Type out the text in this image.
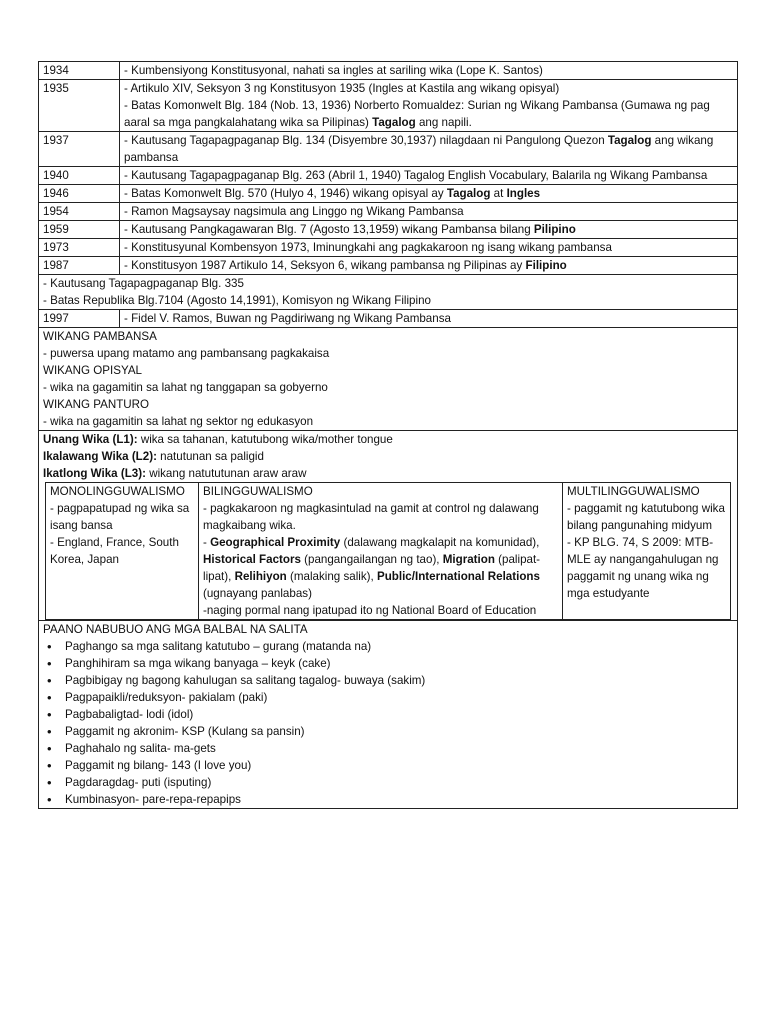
1934	- Kumbensiyong Konstitusyonal, nahati sa ingles at sariling wika (Lope K. Santos)
1935	- Artikulo XIV, Seksyon 3 ng Konstitusyon 1935 (Ingles at Kastila ang wikang opisyal)
- Batas Komonwelt Blg. 184 (Nob. 13, 1936) Norberto Romualdez: Surian ng Wikang Pambansa (Gumawa ng pag aaral sa mga pangkalahatang wika sa Pilipinas) Tagalog ang napili.
1937	- Kautusang Tagapagpaganap Blg. 134 (Disyembre 30,1937) nilagdaan ni Pangulong Quezon Tagalog ang wikang pambansa
1940	- Kautusang Tagapagpaganap Blg. 263 (Abril 1, 1940) Tagalog English Vocabulary, Balarila ng Wikang Pambansa
1946	- Batas Komonwelt Blg. 570 (Hulyo 4, 1946) wikang opisyal ay Tagalog at Ingles
1954	- Ramon Magsaysay nagsimula ang Linggo ng Wikang Pambansa
1959	- Kautusang Pangkagawaran Blg. 7 (Agosto 13,1959) wikang Pambansa bilang Pilipino
1973	- Konstitusyunal Kombensyon 1973, Iminungkahi ang pagkakaroon ng isang wikang pambansa
1987	- Konstitusyon 1987 Artikulo 14, Seksyon 6, wikang pambansa ng Pilipinas ay Filipino
- Kautusang Tagapagpaganap Blg. 335
- Batas Republika Blg.7104 (Agosto 14,1991), Komisyon ng Wikang Filipino
1997	- Fidel V. Ramos, Buwan ng Pagdiriwang ng Wikang Pambansa
WIKANG PAMBANSA
- puwersa upang matamo ang pambansang pagkakaisa
WIKANG OPISYAL
- wika na gagamitin sa lahat ng tanggapan sa gobyerno
WIKANG PANTURO
- wika na gagamitin sa lahat ng sektor ng edukasyon
Unang Wika (L1): wika sa tahanan, katutubong wika/mother tongue
Ikalawang Wika (L2): natutunan sa paligid
Ikatlong Wika (L3): wikang natututunan araw araw
MONOLINGGUWALISMO
- pagpapatupad ng wika sa isang bansa
- England, France, South Korea, Japan
BILINGGUWALISMO
- pagkakaroon ng magkasintulad na gamit at control ng dalawang magkaibang wika.
- Geographical Proximity (dalawang magkalapit na komunidad), Historical Factors (pangangailangan ng tao), Migration (palipat-lipat), Relihiyon (malaking salik), Public/International Relations (ugnayang panlabas)
-naging pormal nang ipatupad ito ng National Board of Education
MULTILINGGUWALISMO
- paggamit ng katutubong wika bilang pangunahing midyum
- KP BLG. 74, S 2009: MTB-MLE ay nangangahulugan ng paggamit ng unang wika ng mga estudyante
PAANO NABUBUO ANG MGA BALBAL NA SALITA
• Paghango sa mga salitang katutubo – gurang (matanda na)
• Panghihiram sa mga wikang banyaga – keyk (cake)
• Pagbibigay ng bagong kahulugan sa salitang tagalog- buwaya (sakim)
• Pagpapaikli/reduksyon- pakialam (paki)
• Pagbabaligtad- lodi (idol)
• Paggamit ng akronim- KSP (Kulang sa pansin)
• Paghahalo ng salita- ma-gets
• Paggamit ng bilang- 143 (I love you)
• Pagdaragdag- puti (isputing)
• Kumbinasyon- pare-repa-repapips
